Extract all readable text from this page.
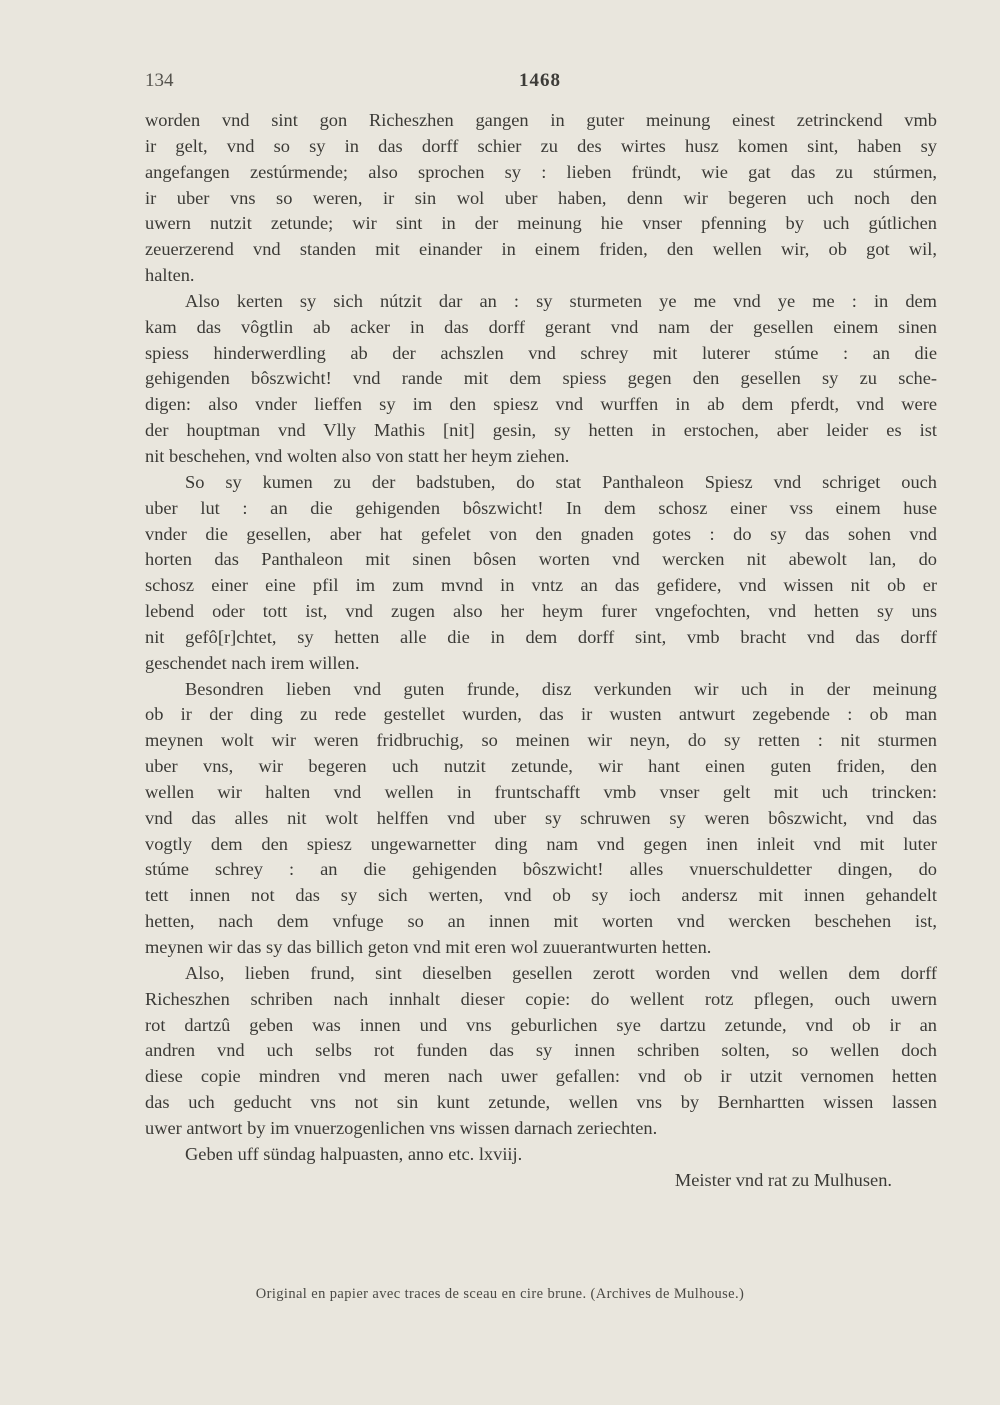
134	1468
worden vnd sint gon Richeszhen gangen in guter meinung einest zetrinckend vmb
ir gelt, vnd so sy in das dorff schier zu des wirtes husz komen sint, haben sy
angefangen zestúrmende; also sprochen sy : lieben fründt, wie gat das zu stúrmen,
ir uber vns so weren, ir sin wol uber haben, denn wir begeren uch noch den
uwern nutzit zetunde; wir sint in der meinung hie vnser pfenning by uch gútlichen
zeuerzerend vnd standen mit einander in einem friden, den wellen wir, ob got wil,
halten.
Also kerten sy sich nútzit dar an : sy sturmeten ye me vnd ye me : in dem
kam das vôgtlin ab acker in das dorff gerant vnd nam der gesellen einem sinen
spiess hinderwerdling ab der achszlen vnd schrey mit luterer stúme : an die
gehigenden bôszwicht! vnd rande mit dem spiess gegen den gesellen sy zu sche-
digen: also vnder lieffen sy im den spiesz vnd wurffen in ab dem pferdt, vnd were
der houptman vnd Vlly Mathis [nit] gesin, sy hetten in erstochen, aber leider es ist
nit beschehen, vnd wolten also von statt her heym ziehen.
So sy kumen zu der badstuben, do stat Panthaleon Spiesz vnd schriget ouch
uber lut : an die gehigenden bôszwicht! In dem schosz einer vss einem huse
vnder die gesellen, aber hat gefelet von den gnaden gotes : do sy das sohen vnd
horten das Panthaleon mit sinen bôsen worten vnd wercken nit abewolt lan, do
schosz einer eine pfil im zum mvnd in vntz an das gefidere, vnd wissen nit ob er
lebend oder tott ist, vnd zugen also her heym furer vngefochten, vnd hetten sy uns
nit gefô[r]chtet, sy hetten alle die in dem dorff sint, vmb bracht vnd das dorff
geschendet nach irem willen.
Besondren lieben vnd guten frunde, disz verkunden wir uch in der meinung
ob ir der ding zu rede gestellet wurden, das ir wusten antwurt zegebende : ob man
meynen wolt wir weren fridbruchig, so meinen wir neyn, do sy retten : nit sturmen
uber vns, wir begeren uch nutzit zetunde, wir hant einen guten friden, den
wellen wir halten vnd wellen in fruntschafft vmb vnser gelt mit uch trincken:
vnd das alles nit wolt helffen vnd uber sy schruwen sy weren bôszwicht, vnd das
vogtly dem den spiesz ungewarnetter ding nam vnd gegen inen inleit vnd mit luter
stúme schrey : an die gehigenden bôszwicht! alles vnuerschuldetter dingen, do
tett innen not das sy sich werten, vnd ob sy ioch andersz mit innen gehandelt
hetten, nach dem vnfuge so an innen mit worten vnd wercken beschehen ist,
meynen wir das sy das billich geton vnd mit eren wol zuuerantwurten hetten.
Also, lieben frund, sint dieselben gesellen zerott worden vnd wellen dem dorff
Richeszhen schriben nach innhalt dieser copie: do wellent rotz pflegen, ouch uwern
rot dartzû geben was innen und vns geburlichen sye dartzu zetunde, vnd ob ir an
andren vnd uch selbs rot funden das sy innen schriben solten, so wellen doch
diese copie mindren vnd meren nach uwer gefallen: vnd ob ir utzit vernomen hetten
das uch geducht vns not sin kunt zetunde, wellen vns by Bernhartten wissen lassen
uwer antwort by im vnuerzogenlichen vns wissen darnach zeriechten.
Geben uff sündag halpuasten, anno etc. lxviij.
Meister vnd rat zu Mulhusen.
Original en papier avec traces de sceau en cire brune. (Archives de Mulhouse.)
